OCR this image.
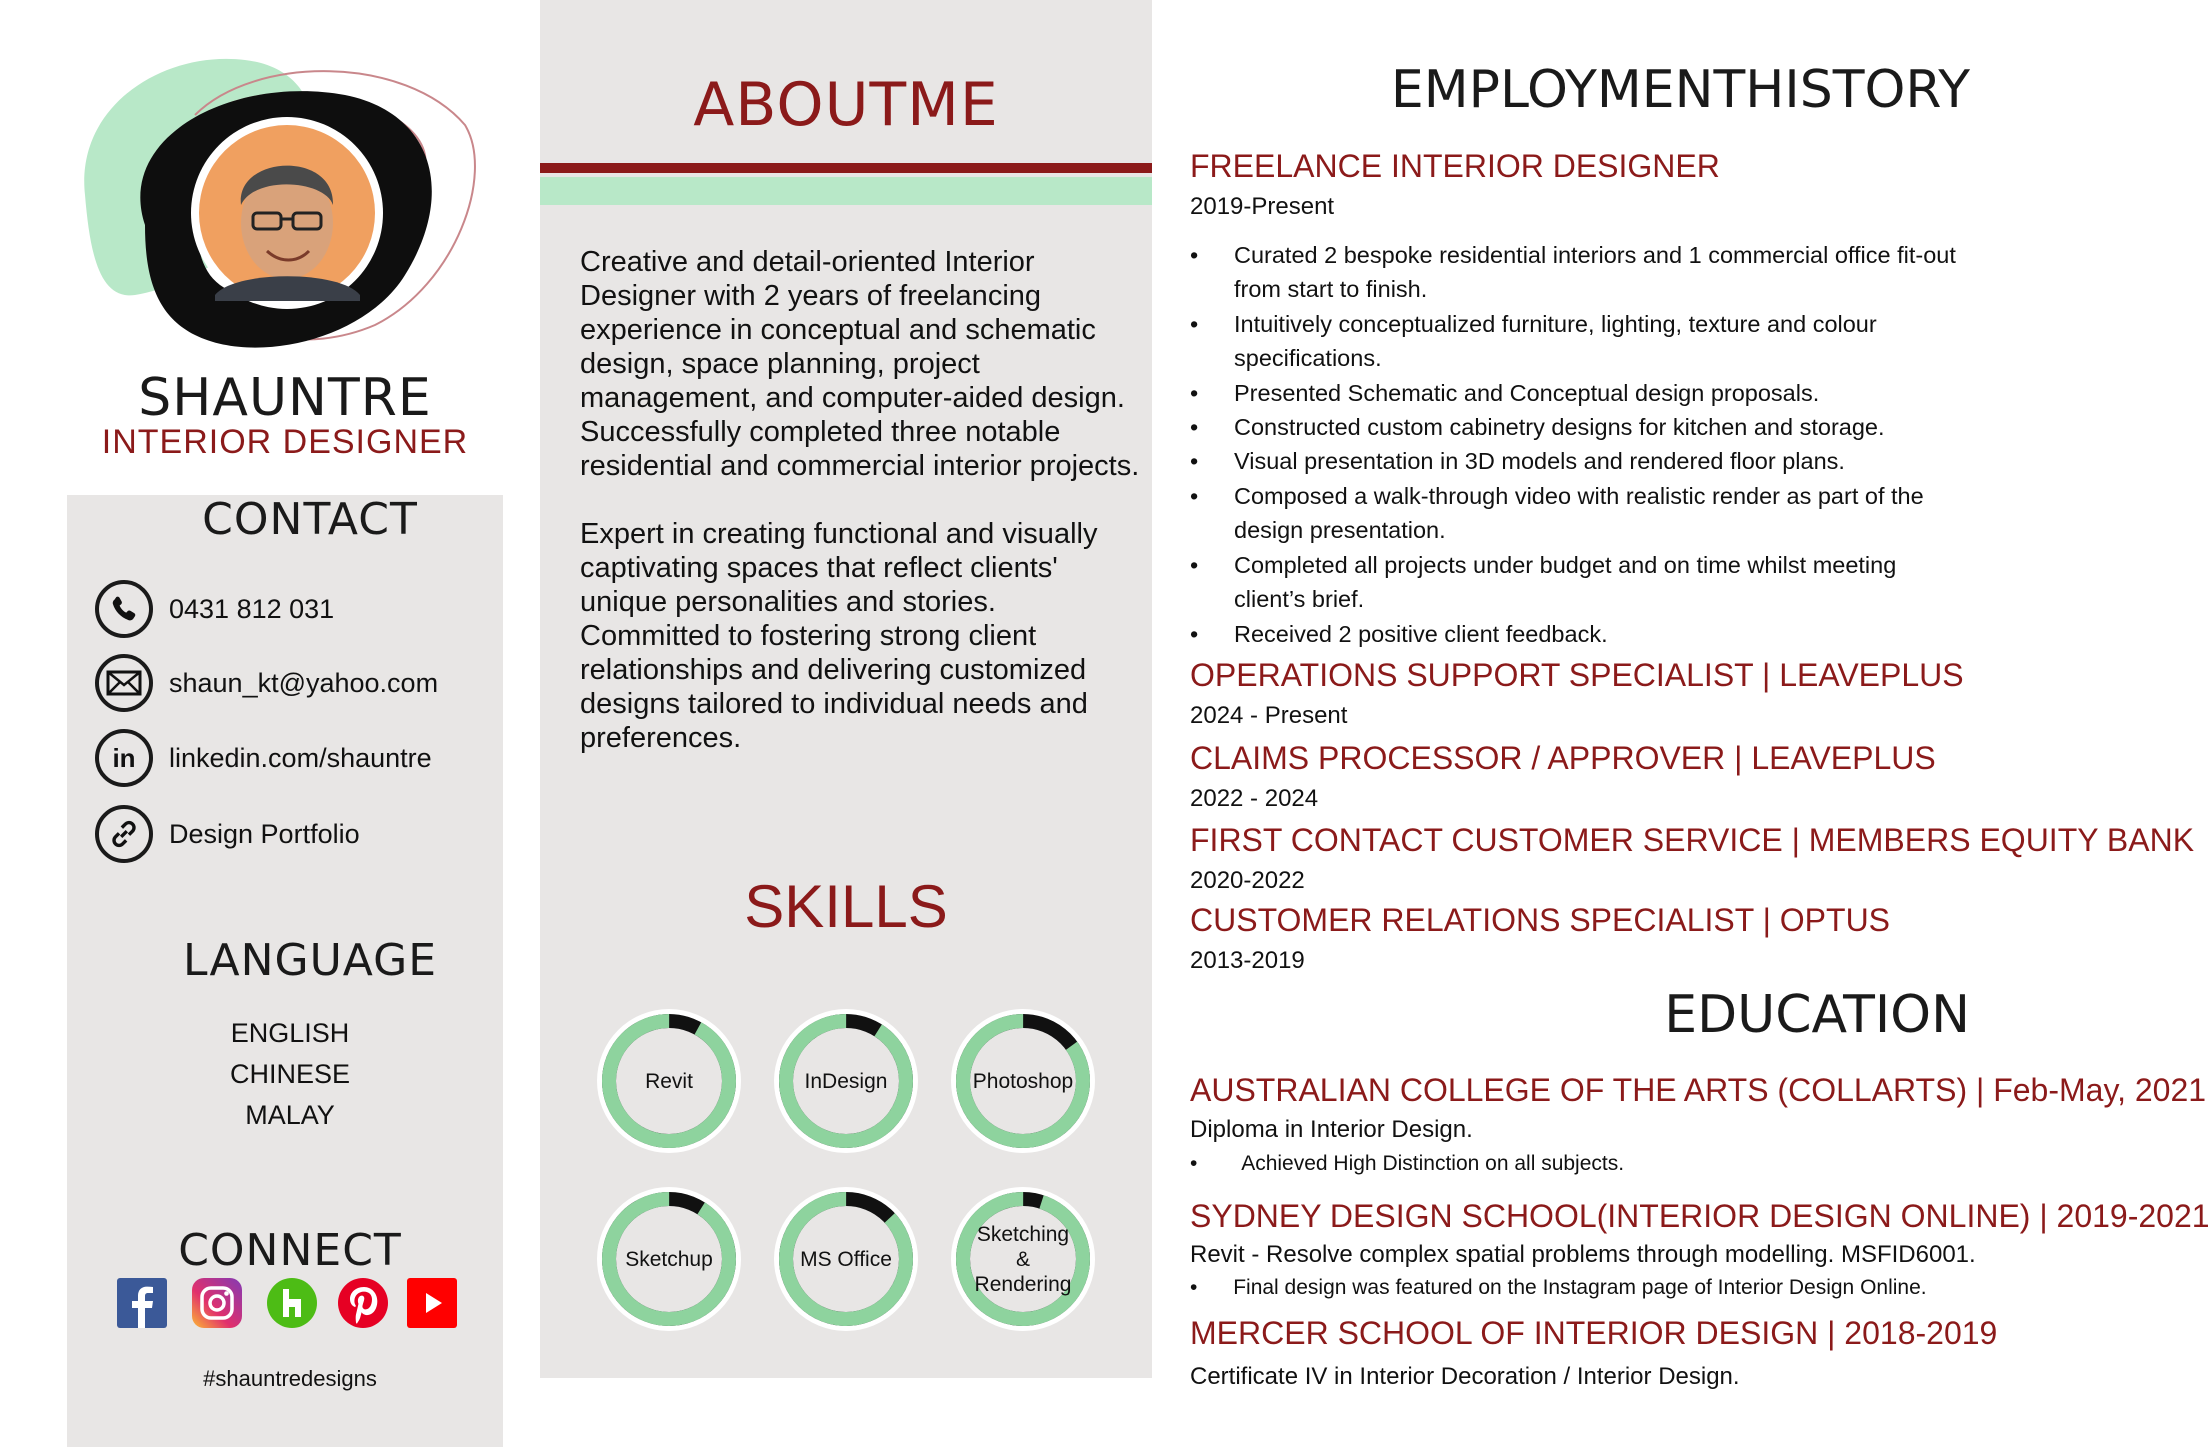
SHAUNTRE
INTERIOR DESIGNER
CONTACT
0431 812 031
shaun_kt@yahoo.com
in linkedin.com/shauntre
Design Portfolio
LANGUAGE
ENGLISH
CHINESE
MALAY
CONNECT
#shauntredesigns
ABOUTME
Creative and detail-oriented Interior Designer with 2 years of freelancing experience in conceptual and schematic design, space planning, project management, and computer-aided design.
Successfully completed three notable residential and commercial interior projects.
Expert in creating functional and visually captivating spaces that reflect clients' unique personalities and stories. Committed to fostering strong client relationships and delivering customized designs tailored to individual needs and preferences.
SKILLS
Revit	InDesign	Photoshop
Sketchup	MS Office
Sketching
&
Rendering
EMPLOYMENTHISTORY
FREELANCE INTERIOR DESIGNER
2019-Present
• Curated 2 bespoke residential interiors and 1 commercial office fit-out from start to finish.
• Intuitively conceptualized furniture, lighting, texture and colour specifications.
• Presented Schematic and Conceptual design proposals.
• Constructed custom cabinetry designs for kitchen and storage.
• Visual presentation in 3D models and rendered floor plans.
• Composed a walk-through video with realistic render as part of the design presentation.
• Completed all projects under budget and on time whilst meeting client’s brief.
• Received 2 positive client feedback.
OPERATIONS SUPPORT SPECIALIST | LEAVEPLUS
2024 - Present
CLAIMS PROCESSOR / APPROVER | LEAVEPLUS
2022 - 2024
FIRST CONTACT CUSTOMER SERVICE | MEMBERS EQUITY BANK
2020-2022
CUSTOMER RELATIONS SPECIALIST | OPTUS
2013-2019
EDUCATION
AUSTRALIAN COLLEGE OF THE ARTS (COLLARTS) | Feb-May, 2021
Diploma in Interior Design.
• Achieved High Distinction on all subjects.
SYDNEY DESIGN SCHOOL(INTERIOR DESIGN ONLINE) | 2019-2021
Revit - Resolve complex spatial problems through modelling. MSFID6001.
• Final design was featured on the Instagram page of Interior Design Online.
MERCER SCHOOL OF INTERIOR DESIGN | 2018-2019
Certificate IV in Interior Decoration / Interior Design.
